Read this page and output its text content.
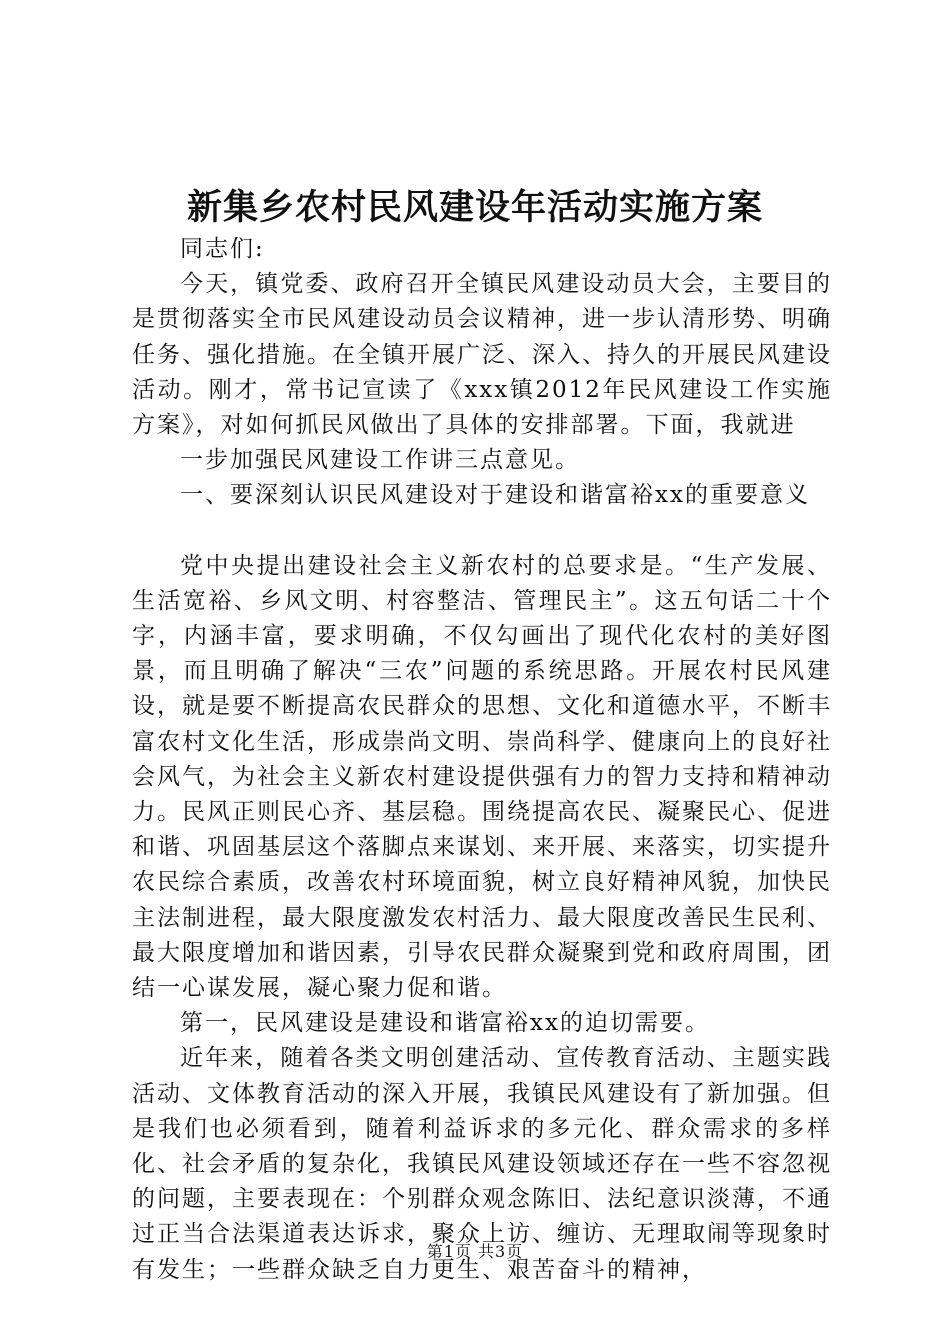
新集乡农村民风建设年活动实施方案

同志们:

今天，镇党委、政府召开全镇民风建设动员大会，主要目的是贯彻落实全市民风建设动员会议精神，进一步认清形势、明确任务、强化措施。在全镇开展广泛、深入、持久的开展民风建设活动。刚才，常书记宣读了《xxx镇2012年民风建设工作实施方案》，对如何抓民风做出了具体的安排部署。下面，我就进

一步加强民风建设工作讲三点意见。

一、要深刻认识民风建设对于建设和谐富裕xx的重要意义

党中央提出建设社会主义新农村的总要求是。“生产发展、生活宽裕、乡风文明、村容整洁、管理民主”。这五句话二十个字，内涵丰富，要求明确，不仅勾画出了现代化农村的美好图景，而且明确了解决“三农”问题的系统思路。开展农村民风建设，就是要不断提高农民群众的思想、文化和道德水平，不断丰富农村文化生活，形成崇尚文明、崇尚科学、健康向上的良好社会风气，为社会主义新农村建设提供强有力的智力支持和精神动力。民风正则民心齐、基层稳。围绕提高农民、凝聚民心、促进和谐、巩固基层这个落脚点来谋划、来开展、来落实，切实提升农民综合素质，改善农村环境面貌，树立良好精神风貌，加快民主法制进程，最大限度激发农村活力、最大限度改善民生民利、最大限度增加和谐因素，引导农民群众凝聚到党和政府周围，团结一心谋发展，凝心聚力促和谐。

第一，民风建设是建设和谐富裕xx的迫切需要。

近年来，随着各类文明创建活动、宣传教育活动、主题实践活动、文体教育活动的深入开展，我镇民风建设有了新加强。但是我们也必须看到，随着利益诉求的多元化、群众需求的多样化、社会矛盾的复杂化，我镇民风建设领域还存在一些不容忽视的问题，主要表现在：个别群众观念陈旧、法纪意识淡薄，不通过正当合法渠道表达诉求，聚众上访、缠访、无理取闹等现象时有发生；一些群众缺乏自力更生、艰苦奋斗的精神，

第1页 共3页
